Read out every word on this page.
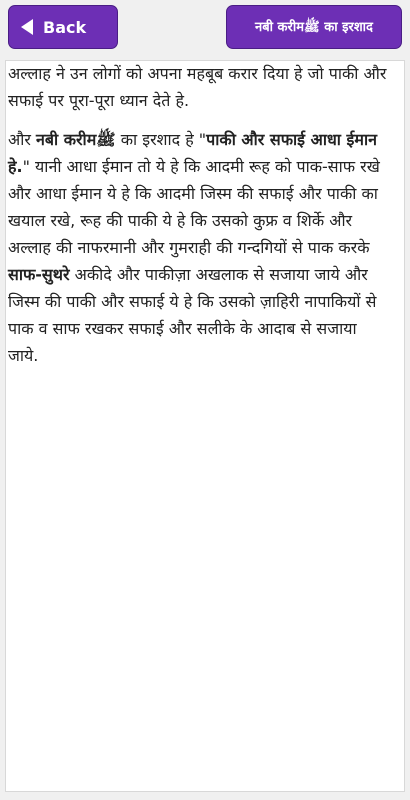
Back	नबी करीमﷺ का इरशाद

अल्लाह ने उन लोगों को अपना महबूब करार दिया हे जो पाकी और सफाई पर पूरा-पूरा ध्यान देते हे.

और नबी करीमﷺ का इरशाद हे "पाकी और सफाई आधा ईमान हे." यानी आधा ईमान तो ये हे कि आदमी रूह को पाक-साफ रखे और आधा ईमान ये हे कि आदमी जिस्म की सफाई और पाकी का खयाल रखे, रूह की पाकी ये हे कि उसको कुफ्र व शिर्के और अल्लाह की नाफरमानी और गुमराही की गन्दगियों से पाक करके साफ-सुथरे अकीदे और पाकीज़ा अखलाक से सजाया जाये और जिस्म की पाकी और सफाई ये हे कि उसको ज़ाहिरी नापाकियों से पाक व साफ रखकर सफाई और सलीके के आदाब से सजाया जाये.
